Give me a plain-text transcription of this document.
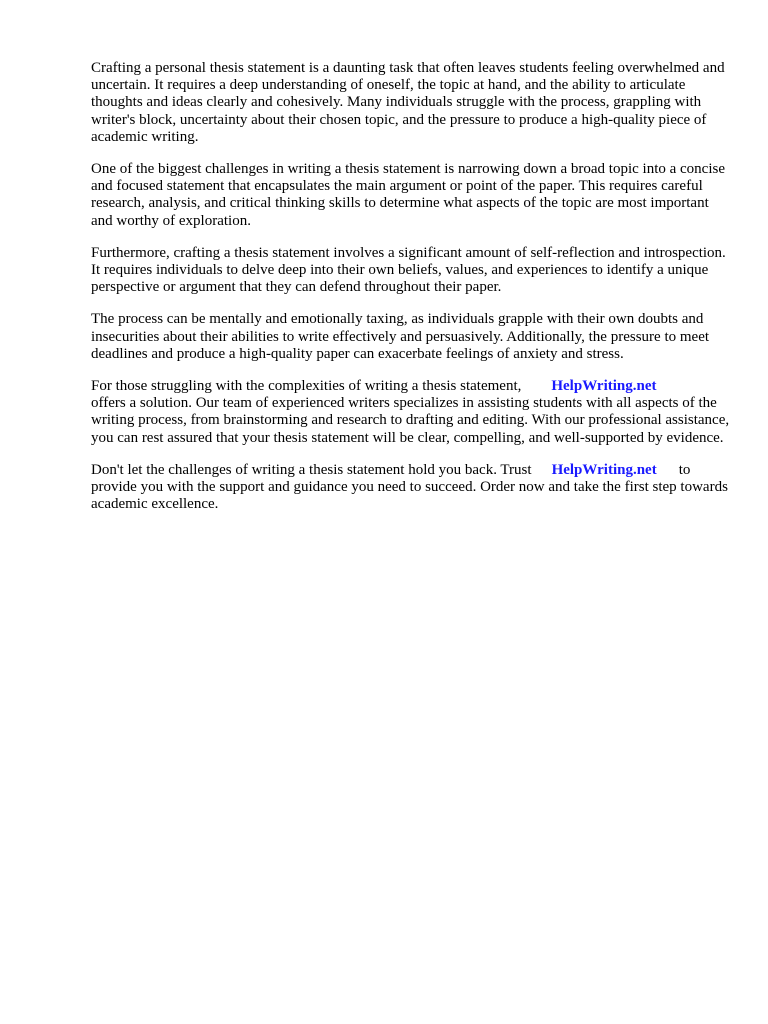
Crafting a personal thesis statement is a daunting task that often leaves students feeling overwhelmed and uncertain. It requires a deep understanding of oneself, the topic at hand, and the ability to articulate thoughts and ideas clearly and cohesively. Many individuals struggle with the process, grappling with writer's block, uncertainty about their chosen topic, and the pressure to produce a high-quality piece of academic writing.

One of the biggest challenges in writing a thesis statement is narrowing down a broad topic into a concise and focused statement that encapsulates the main argument or point of the paper. This requires careful research, analysis, and critical thinking skills to determine what aspects of the topic are most important and worthy of exploration.

Furthermore, crafting a thesis statement involves a significant amount of self-reflection and introspection. It requires individuals to delve deep into their own beliefs, values, and experiences to identify a unique perspective or argument that they can defend throughout their paper.

The process can be mentally and emotionally taxing, as individuals grapple with their own doubts and insecurities about their abilities to write effectively and persuasively. Additionally, the pressure to meet deadlines and produce a high-quality paper can exacerbate feelings of anxiety and stress.

For those struggling with the complexities of writing a thesis statement, HelpWriting.net
offers a solution. Our team of experienced writers specializes in assisting students with all aspects of the writing process, from brainstorming and research to drafting and editing. With our professional assistance, you can rest assured that your thesis statement will be clear, compelling, and well-supported by evidence.

Don't let the challenges of writing a thesis statement hold you back. Trust HelpWriting.net to provide you with the support and guidance you need to succeed. Order now and take the first step towards academic excellence.
